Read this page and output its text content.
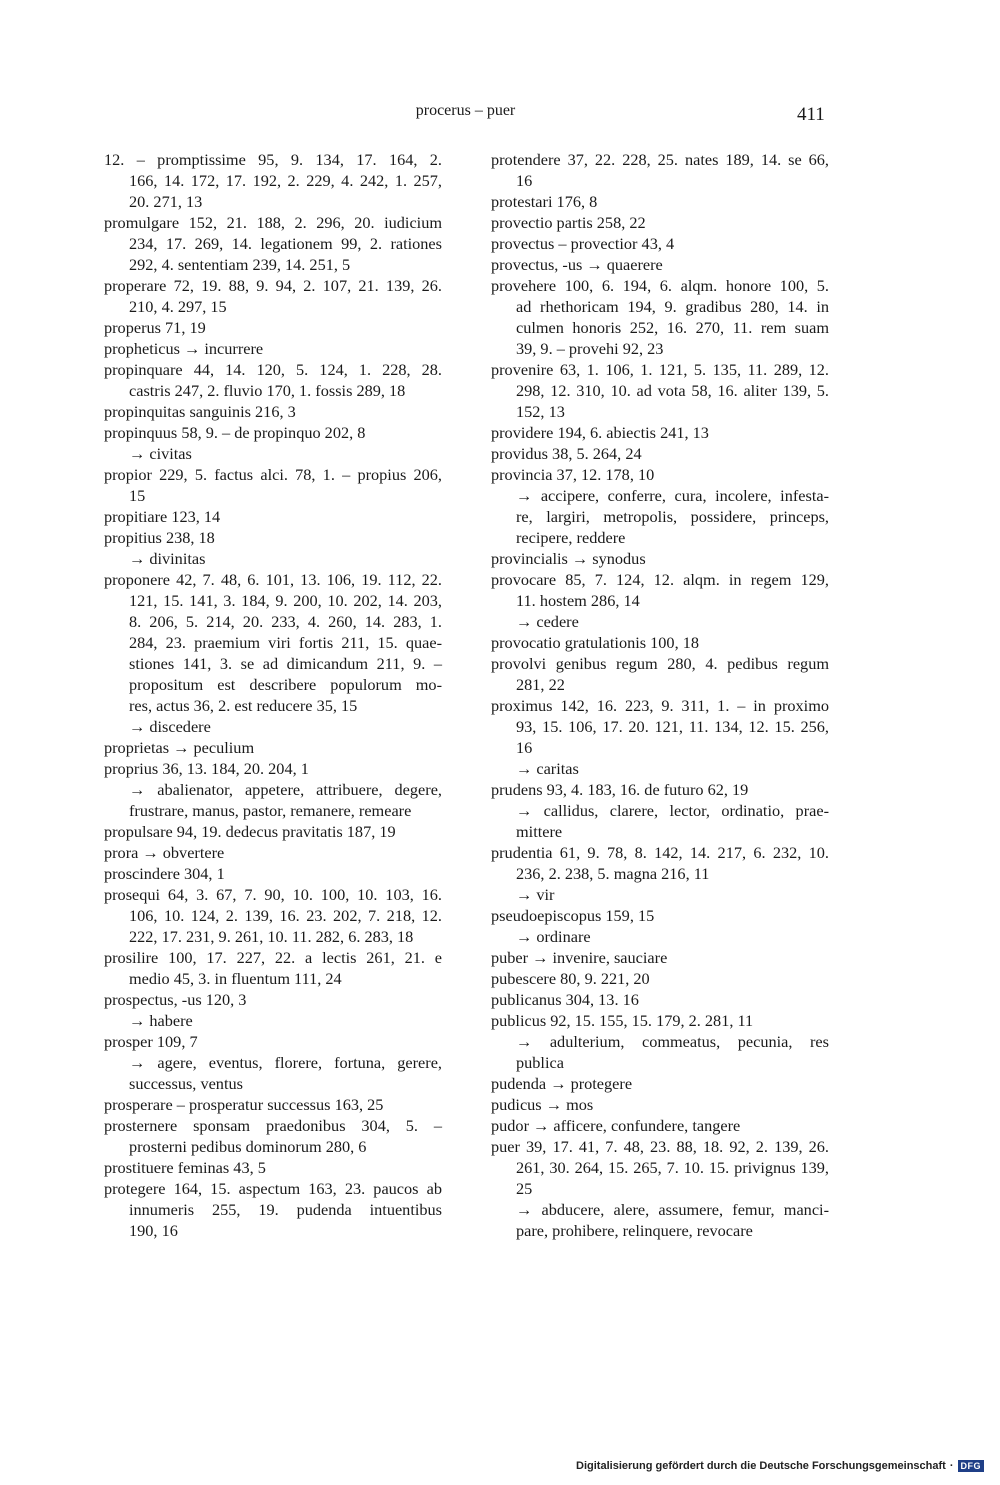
procerus – puer	411
12. – promptissime 95, 9. 134, 17. 164, 2.
166, 14. 172, 17. 192, 2. 229, 4. 242, 1. 257,
20. 271, 13
promulgare 152, 21. 188, 2. 296, 20. iudicium
234, 17. 269, 14. legationem 99, 2. rationes
292, 4. sententiam 239, 14. 251, 5
properare 72, 19. 88, 9. 94, 2. 107, 21. 139, 26.
210, 4. 297, 15
properus 71, 19
propheticus → incurrere
propinquare 44, 14. 120, 5. 124, 1. 228, 28.
castris 247, 2. fluvio 170, 1. fossis 289, 18
propinquitas sanguinis 216, 3
propinquus 58, 9. – de propinquo 202, 8
→ civitas
propior 229, 5. factus alci. 78, 1. – propius 206,
15
propitiare 123, 14
propitius 238, 18
→ divinitas
proponere 42, 7. 48, 6. 101, 13. 106, 19. 112, 22.
121, 15. 141, 3. 184, 9. 200, 10. 202, 14. 203,
8. 206, 5. 214, 20. 233, 4. 260, 14. 283, 1.
284, 23. praemium viri fortis 211, 15. quae-
stiones 141, 3. se ad dimicandum 211, 9. –
propositum est describere populorum mo-
res, actus 36, 2. est reducere 35, 15
→ discedere
proprietas → peculium
proprius 36, 13. 184, 20. 204, 1
→ abalienator, appetere, attribuere, degere,
frustrare, manus, pastor, remanere, remeare
propulsare 94, 19. dedecus pravitatis 187, 19
prora → obvertere
proscindere 304, 1
prosequi 64, 3. 67, 7. 90, 10. 100, 10. 103, 16.
106, 10. 124, 2. 139, 16. 23. 202, 7. 218, 12.
222, 17. 231, 9. 261, 10. 11. 282, 6. 283, 18
prosilire 100, 17. 227, 22. a lectis 261, 21. e
medio 45, 3. in fluentum 111, 24
prospectus, -us 120, 3
→ habere
prosper 109, 7
→ agere, eventus, florere, fortuna, gerere,
successus, ventus
prosperare – prosperatur successus 163, 25
prosternere sponsam praedonibus 304, 5. –
prosterni pedibus dominorum 280, 6
prostituere feminas 43, 5
protegere 164, 15. aspectum 163, 23. paucos ab
innumeris 255, 19. pudenda intuentibus
190, 16
protendere 37, 22. 228, 25. nates 189, 14. se 66,
16
protestari 176, 8
provectio partis 258, 22
provectus – provectior 43, 4
provectus, -us → quaerere
provehere 100, 6. 194, 6. alqm. honore 100, 5.
ad rhethoricam 194, 9. gradibus 280, 14. in
culmen honoris 252, 16. 270, 11. rem suam
39, 9. – provehi 92, 23
provenire 63, 1. 106, 1. 121, 5. 135, 11. 289, 12.
298, 12. 310, 10. ad vota 58, 16. aliter 139, 5.
152, 13
providere 194, 6. abiectis 241, 13
providus 38, 5. 264, 24
provincia 37, 12. 178, 10
→ accipere, conferre, cura, incolere, infesta-
re, largiri, metropolis, possidere, princeps,
recipere, reddere
provincialis → synodus
provocare 85, 7. 124, 12. alqm. in regem 129,
11. hostem 286, 14
→ cedere
provocatio gratulationis 100, 18
provolvi genibus regum 280, 4. pedibus regum
281, 22
proximus 142, 16. 223, 9. 311, 1. – in proximo
93, 15. 106, 17. 20. 121, 11. 134, 12. 15. 256,
16
→ caritas
prudens 93, 4. 183, 16. de futuro 62, 19
→ callidus, clarere, lector, ordinatio, prae-
mittere
prudentia 61, 9. 78, 8. 142, 14. 217, 6. 232, 10.
236, 2. 238, 5. magna 216, 11
→ vir
pseudoepiscopus 159, 15
→ ordinare
puber → invenire, sauciare
pubescere 80, 9. 221, 20
publicanus 304, 13. 16
publicus 92, 15. 155, 15. 179, 2. 281, 11
→ adulterium, commeatus, pecunia, res
publica
pudenda → protegere
pudicus → mos
pudor → afficere, confundere, tangere
puer 39, 17. 41, 7. 48, 23. 88, 18. 92, 2. 139, 26.
261, 30. 264, 15. 265, 7. 10. 15. privignus 139,
25
→ abducere, alere, assumere, femur, manci-
pare, prohibere, relinquere, revocare
Digitalisierung gefördert durch die Deutsche Forschungsgemeinschaft · DFG
